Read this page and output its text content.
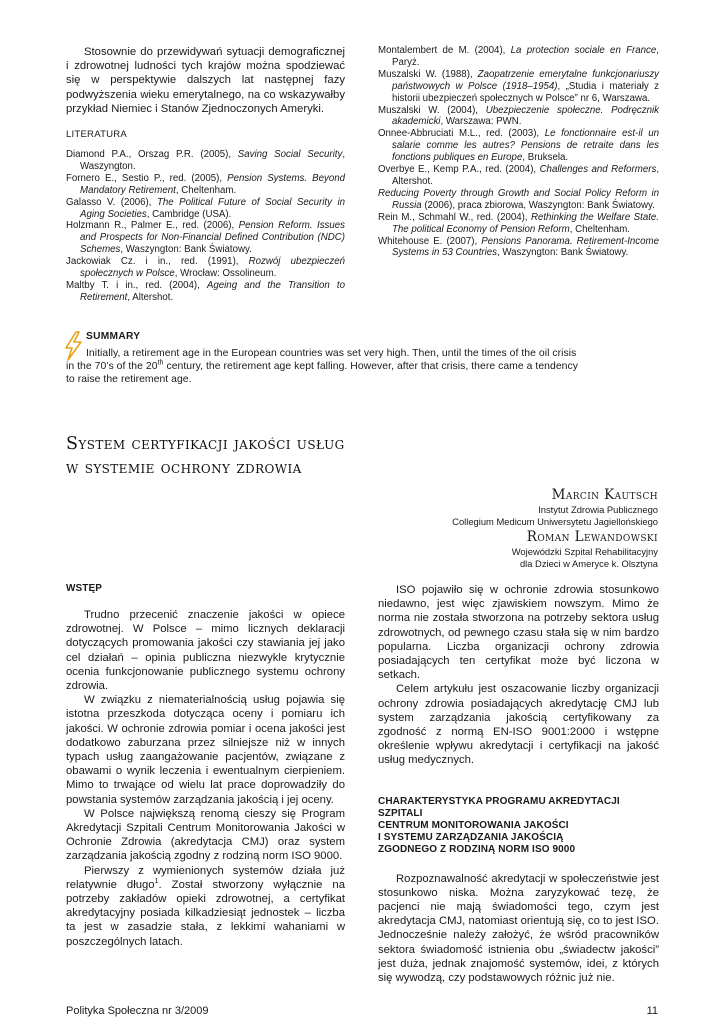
Stosownie do przewidywań sytuacji demograficznej i zdrowotnej ludności tych krajów można spodziewać się w perspektywie dalszych lat następnej fazy podwyższenia wieku emerytalnego, na co wskazywałby przykład Niemiec i Stanów Zjednoczonych Ameryki.

LITERATURA

Diamond P.A., Orszag P.R. (2005), Saving Social Security, Waszyngton.

Fornero E., Sestio P., red. (2005), Pension Systems. Beyond Mandatory Retirement, Cheltenham.

Galasso V. (2006), The Political Future of Social Security in Aging Societies, Cambridge (USA).

Holzmann R., Palmer E., red. (2006), Pension Reform. Issues and Prospects for Non-Financial Defined Contribution (NDC) Schemes, Waszyngton: Bank Światowy.

Jackowiak Cz. i in., red. (1991), Rozwój ubezpieczeń społecznych w Polsce, Wrocław: Ossolineum.

Maltby T. i in., red. (2004), Ageing and the Transition to Retirement, Altershot.

Montalembert de M. (2004), La protection sociale en France, Paryż.

Muszalski W. (1988), Zaopatrzenie emerytalne funkcjonariuszy państwowych w Polsce (1918–1954), „Studia i materiały z historii ubezpieczeń społecznych w Polsce” nr 6, Warszawa.

Muszalski W. (2004), Ubezpieczenie społeczne. Podręcznik akademicki, Warszawa: PWN.

Onnee-Abbruciati M.L., red. (2003), Le fonctionnaire est-il un salarie comme les autres? Pensions de retraite dans les fonctions publiques en Europe, Bruksela.

Overbye E., Kemp P.A., red. (2004), Challenges and Reformers, Altershot.

Reducing Poverty through Growth and Social Policy Reform in Russia (2006), praca zbiorowa, Waszyngton: Bank Światowy.

Rein M., Schmahl W., red. (2004), Rethinking the Welfare State. The political Economy of Pension Reform, Cheltenham.

Whitehouse E. (2007), Pensions Panorama. Retirement-Income Systems in 53 Countries, Waszyngton: Bank Światowy.

SUMMARY
Initially, a retirement age in the European countries was set very high. Then, until the times of the oil crisis
in the 70’s of the 20th century, the retirement age kept falling. However, after that crisis, there came a tendency
to raise the retirement age.
System certyfikacji jakości usług
w systemie ochrony zdrowia
Marcin Kautsch
Instytut Zdrowia Publicznego
Collegium Medicum Uniwersytetu Jagiellońskiego
Roman Lewandowski
Wojewódzki Szpital Rehabilitacyjny
dla Dzieci w Ameryce k. Olsztyna
WSTĘP

Trudno przecenić znaczenie jakości w opiece zdrowotnej. W Polsce – mimo licznych deklaracji dotyczących promowania jakości czy stawiania jej jako cel działań – opinia publiczna niezwykle krytycznie ocenia funkcjonowanie publicznego systemu ochrony zdrowia.

W związku z niematerialnością usług pojawia się istotna przeszkoda dotycząca oceny i pomiaru ich jakości. W ochronie zdrowia pomiar i ocena jakości jest dodatkowo zaburzana przez silniejsze niż w innych typach usług zaangażowanie pacjentów, związane z obawami o wynik leczenia i ewentualnym cierpieniem. Mimo to trwające od wielu lat prace doprowadziły do powstania systemów zarządzania jakością i jej oceny.

W Polsce największą renomą cieszy się Program Akredytacji Szpitali Centrum Monitorowania Jakości w Ochronie Zdrowia (akredytacja CMJ) oraz system zarządzania jakością zgodny z rodziną norm ISO 9000.

Pierwszy z wymienionych systemów działa już relatywnie długo$^1$. Został stworzony wyłącznie na potrzeby zakładów opieki zdrowotnej, a certyfikat akredytacyjny posiada kilkadziesiąt jednostek – liczba ta jest w zasadzie stała, z lekkimi wahaniami w poszczególnych latach.

ISO pojawiło się w ochronie zdrowia stosunkowo niedawno, jest więc zjawiskiem nowszym. Mimo że norma nie została stworzona na potrzeby sektora usług zdrowotnych, od pewnego czasu stała się w nim bardzo popularna. Liczba organizacji ochrony zdrowia posiadających ten certyfikat może być liczona w setkach.

Celem artykułu jest oszacowanie liczby organizacji ochrony zdrowia posiadających akredytację CMJ lub system zarządzania jakością certyfikowany za zgodność z normą EN-ISO 9001:2000 i wstępne określenie wpływu akredytacji i certyfikacji na jakość usług medycznych.

CHARAKTERYSTYKA PROGRAMU AKREDYTACJI SZPITALI
CENTRUM MONITOROWANIA JAKOŚCI
I SYSTEMU ZARZĄDZANIA JAKOŚCIĄ
ZGODNEGO Z RODZINĄ NORM ISO 9000

Rozpoznawalność akredytacji w społeczeństwie jest stosunkowo niska. Można zaryzykować tezę, że pacjenci nie mają świadomości tego, czym jest akredytacja CMJ, natomiast orientują się, co to jest ISO. Jednocześnie należy założyć, że wśród pracowników sektora świadomość istnienia obu „świadectw jakości” jest duża, jednak znajomość systemów, idei, z których się wywodzą, czy podstawowych różnic już nie.

Polityka Społeczna nr 3/2009	11
